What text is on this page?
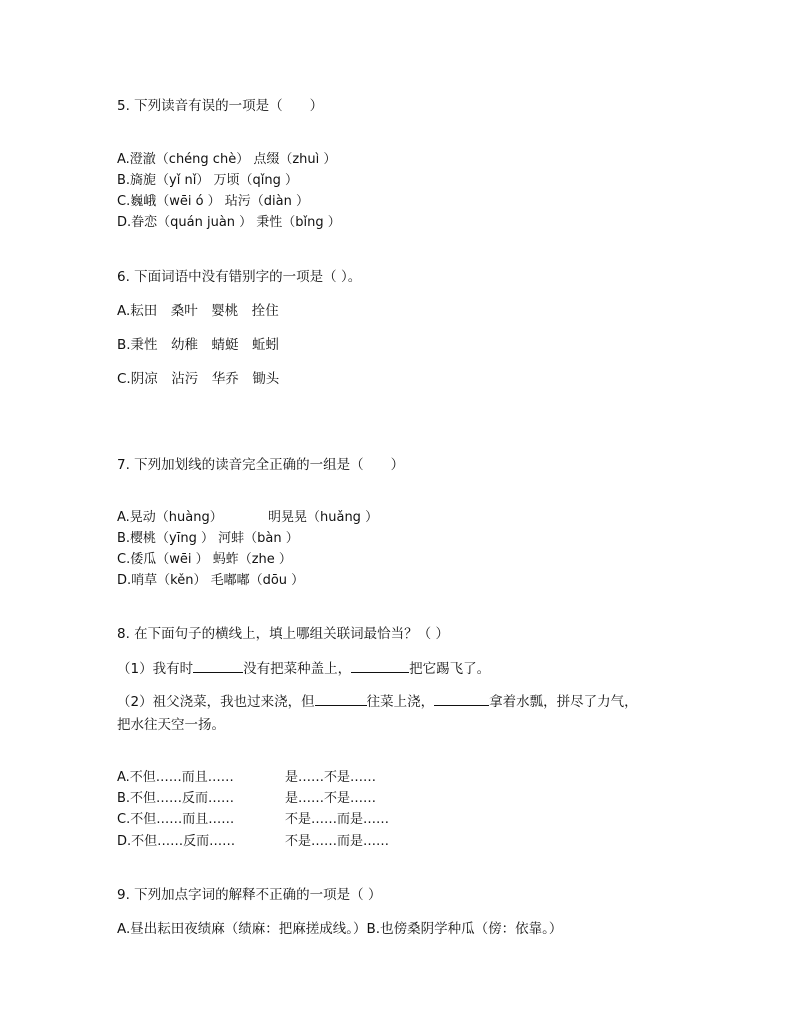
5. 下列读音有误的一项是（　　）
A.澄澈（chéng chè） 点缀（zhuì ）
B.旖旎（yǐ nǐ） 万顷（qǐng ）
C.巍峨（wēi ó ） 玷污（diàn ）
D.眷恋（quán juàn ） 秉性（bǐng ）
6. 下面词语中没有错别字的一项是（ ）。
A.耘田　桑叶　婴桃　拴住
B.秉性　幼稚　蜻蜓　蚯蚓
C.阴凉　沾污　华乔　锄头
7. 下列加划线的读音完全正确的一组是（　　）
A.晃动（huàng）	明晃晃（huǎng ）
B.樱桃（yīng ） 河蚌（bàn ）
C.倭瓜（wēi ） 蚂蚱（zhe ）
D.哨草（kěn） 毛嘟嘟（dōu ）
8. 在下面句子的横线上，填上哪组关联词最恰当？（ ）
（1）我有时	没有把菜种盖上，	把它踢飞了。
（2）祖父浇菜，我也过来浇，但	往菜上浇，	拿着水瓢，拼尽了力气，
把水往天空一扬。
A.不但……而且……	是……不是……
B.不但……反而……	是……不是……
C.不但……而且……	不是……而是……
D.不但……反而……	不是……而是……
9. 下列加点字词的解释不正确的一项是（ ）
A.昼出耘田夜绩麻（绩麻：把麻搓成线。）B.也傍桑阴学种瓜（傍：依靠。）
